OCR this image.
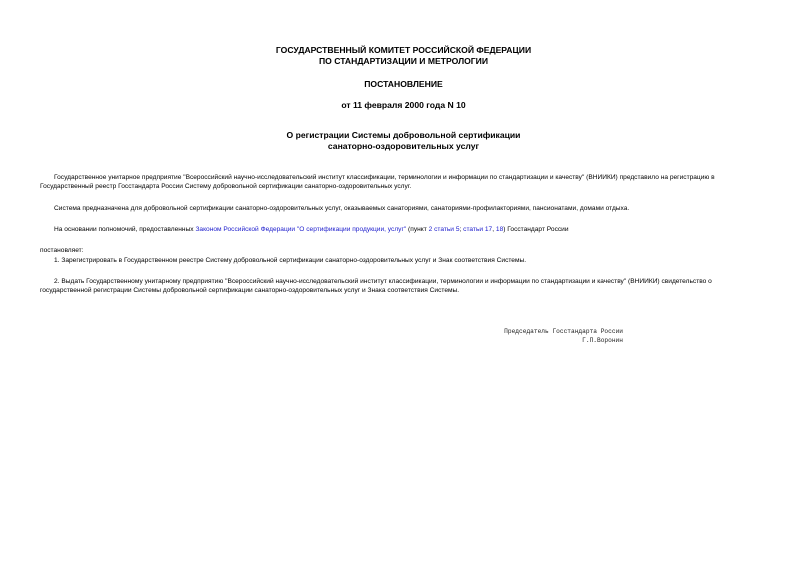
ГОСУДАРСТВЕННЫЙ КОМИТЕТ РОССИЙСКОЙ ФЕДЕРАЦИИ
ПО СТАНДАРТИЗАЦИИ И МЕТРОЛОГИИ
ПОСТАНОВЛЕНИЕ
от 11 февраля 2000 года N 10
О регистрации Системы добровольной сертификации
санаторно-оздоровительных услуг
Государственное унитарное предприятие "Всероссийский научно-исследовательский институт классификации, терминологии и информации по стандартизации и качеству" (ВНИИКИ) представило на регистрацию в
Государственный реестр Госстандарта России Систему добровольной сертификации санаторно-оздоровительных услуг.
Система предназначена для добровольной сертификации санаторно-оздоровительных услуг, оказываемых санаториями, санаториями-профилакториями, пансионатами, домами отдыха.
На основании полномочий, предоставленных Законом Российской Федерации "О сертификации продукции, услуг" (пункт 2 статьи 5; статьи 17, 18) Госстандарт России
постановляет:
1. Зарегистрировать в Государственном реестре Систему добровольной сертификации санаторно-оздоровительных услуг и Знак соответствия Системы.
2. Выдать Государственному унитарному предприятию "Всероссийский научно-исследовательский институт классификации, терминологии и информации по стандартизации и качеству" (ВНИИКИ) свидетельство о
государственной регистрации Системы добровольной сертификации санаторно-оздоровительных услуг и Знака соответствия Системы.
Председатель Госстандарта России
Г.П.Воронин
